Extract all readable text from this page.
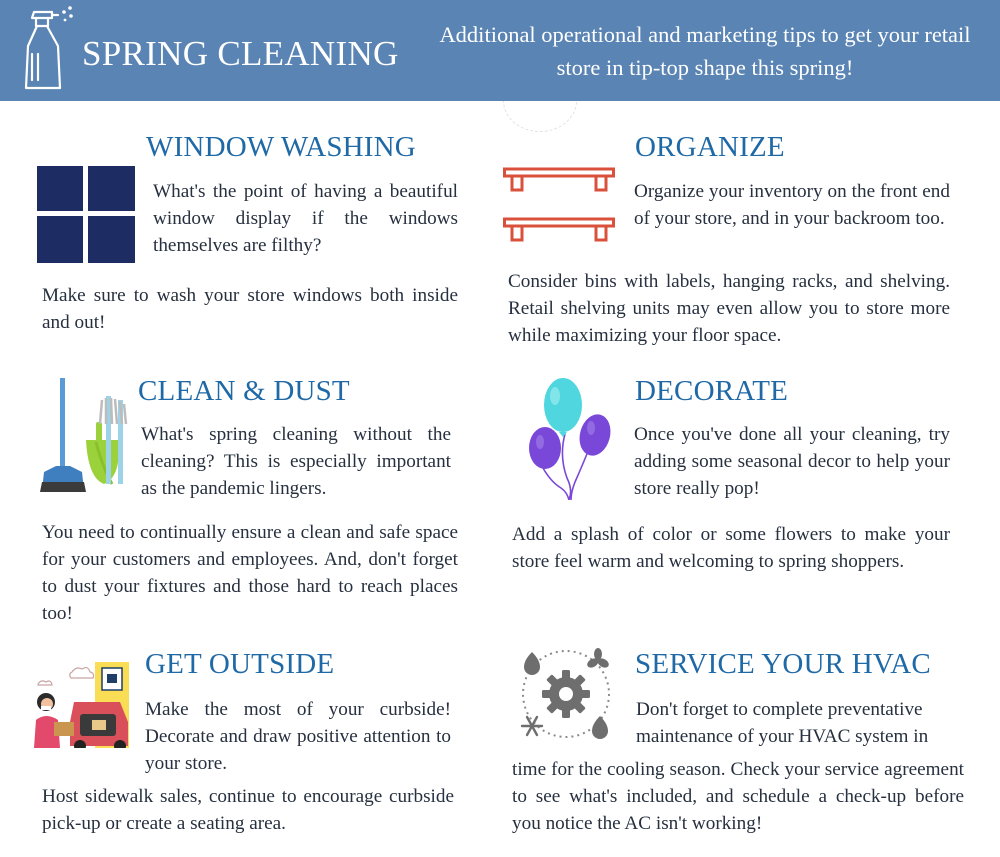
SPRING CLEANING	Additional operational and marketing tips to get your retail store in tip-top shape this spring!

WINDOW WASHING

What's the point of having a beautiful window display if the windows themselves are filthy?

Make sure to wash your store windows both inside and out!

ORGANIZE

Organize your inventory on the front end of your store, and in your backroom too.

Consider bins with labels, hanging racks, and shelving. Retail shelving units may even allow you to store more while maximizing your floor space.

CLEAN & DUST

What's spring cleaning without the cleaning? This is especially important as the pandemic lingers.

You need to continually ensure a clean and safe space for your customers and employees. And, don't forget to dust your fixtures and those hard to reach places too!

DECORATE

Once you've done all your cleaning, try adding some seasonal decor to help your store really pop!

Add a splash of color or some flowers to make your store feel warm and welcoming to spring shoppers.

GET OUTSIDE

Make the most of your curbside! Decorate and draw positive attention to your store.

Host sidewalk sales, continue to encourage curbside pick-up or create a seating area.

SERVICE YOUR HVAC

Don't forget to complete preventative maintenance of your HVAC system in

time for the cooling season. Check your service agreement to see what's included, and schedule a check-up before you notice the AC isn't working!
